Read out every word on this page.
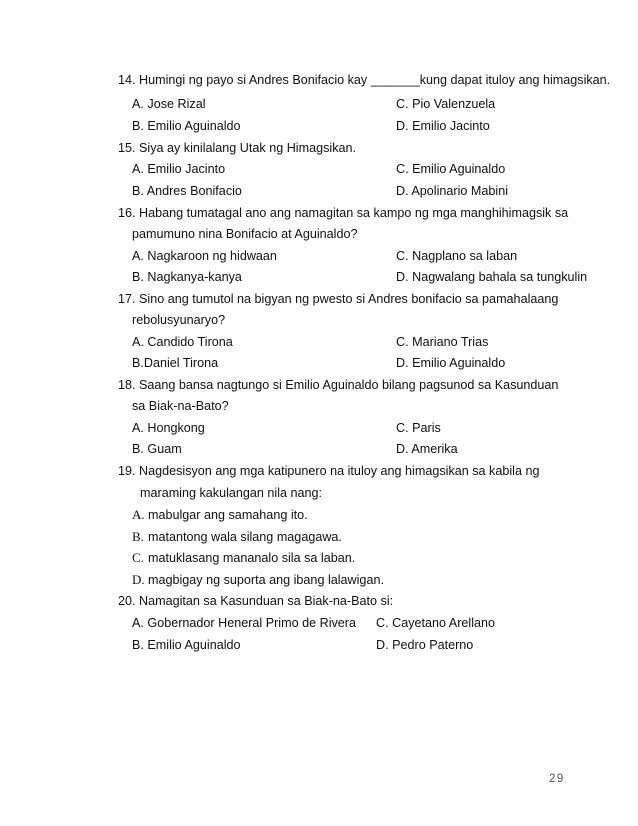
14. Humingi ng payo si Andres Bonifacio kay _______kung dapat ituloy ang himagsikan.
A. Jose Rizal	C. Pio Valenzuela
B. Emilio Aguinaldo	D. Emilio Jacinto
15. Siya ay kinilalang Utak ng Himagsikan.
A. Emilio Jacinto	C. Emilio Aguinaldo
B. Andres Bonifacio	D. Apolinario Mabini
16. Habang tumatagal ano ang namagitan sa kampo ng mga manghihimagsik sa
pamumuno nina Bonifacio at Aguinaldo?
A. Nagkaroon ng hidwaan	C. Nagplano sa laban
B. Nagkanya-kanya	D. Nagwalang bahala sa tungkulin
17. Sino ang tumutol na bigyan ng pwesto si Andres bonifacio sa pamahalaang
rebolusyunaryo?
A. Candido Tirona	C. Mariano Trias
B.Daniel Tirona	D. Emilio Aguinaldo
18. Saang bansa nagtungo si Emilio Aguinaldo bilang pagsunod sa Kasunduan
sa Biak-na-Bato?
A. Hongkong	C. Paris
B. Guam	D. Amerika
19. Nagdesisyon ang mga katipunero na ituloy ang himagsikan sa kabila ng
maraming kakulangan nila nang:
A. mabulgar ang samahang ito.
B. matantong wala silang magagawa.
C. matuklasang mananalo sila sa laban.
D. magbigay ng suporta ang ibang lalawigan.
20. Namagitan sa Kasunduan sa Biak-na-Bato si:
A. Gobernador Heneral Primo de Rivera C. Cayetano Arellano
B. Emilio Aguinaldo	D. Pedro Paterno
29
